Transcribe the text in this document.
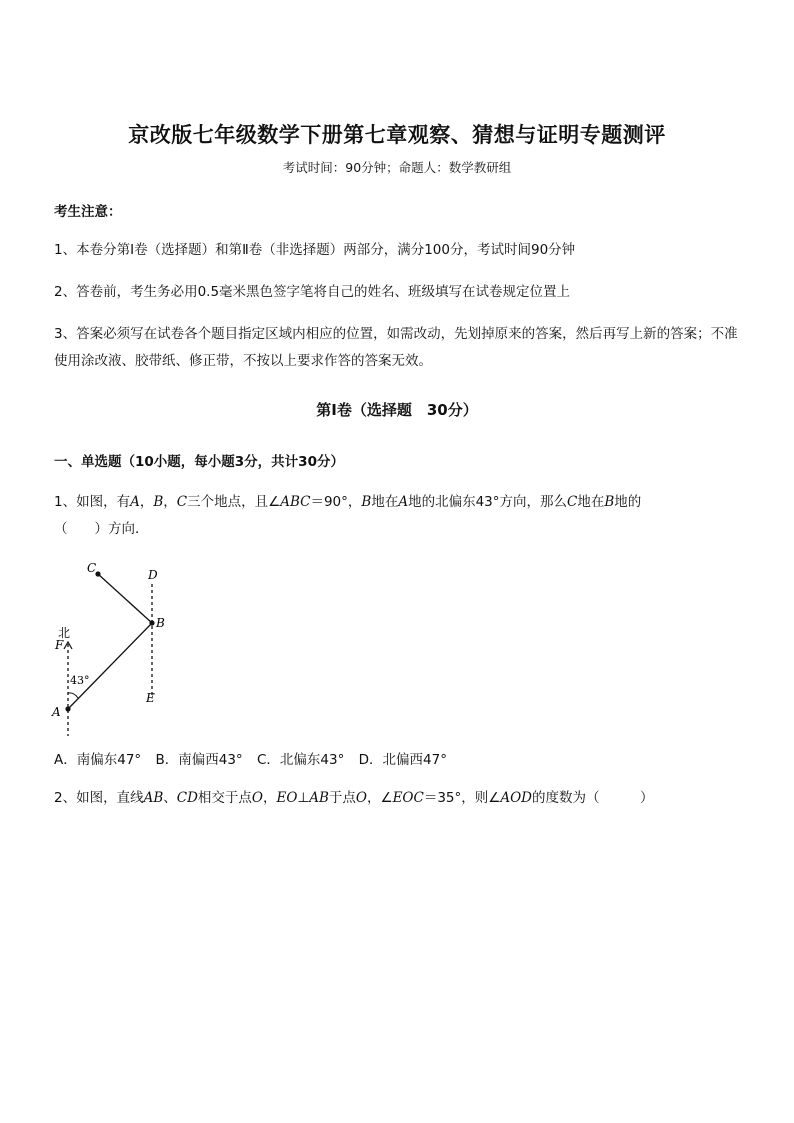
京改版七年级数学下册第七章观察、猜想与证明专题测评
考试时间：90分钟；命题人：数学教研组
考生注意：
1、本卷分第Ⅰ卷（选择题）和第Ⅱ卷（非选择题）两部分，满分100分，考试时间90分钟
2、答卷前，考生务必用0.5毫米黑色签字笔将自己的姓名、班级填写在试卷规定位置上
3、答案必须写在试卷各个题目指定区域内相应的位置，如需改动，先划掉原来的答案，然后再写上新的答案；不准使用涂改液、胶带纸、修正带，不按以上要求作答的答案无效。
第Ⅰ卷（选择题　30分）
一、单选题（10小题，每小题3分，共计30分）
1、如图，有A，B，C三个地点，且∠ABC＝90°，B地在A地的北偏东43°方向，那么C地在B地的
（　　）方向．
C	D
B
北
F
43°
E
A
A．南偏东47° B．南偏西43° C．北偏东43° D．北偏西47°
2、如图，直线AB、CD相交于点O，EO⊥AB于点O，∠EOC＝35°，则∠AOD的度数为（　　　）
